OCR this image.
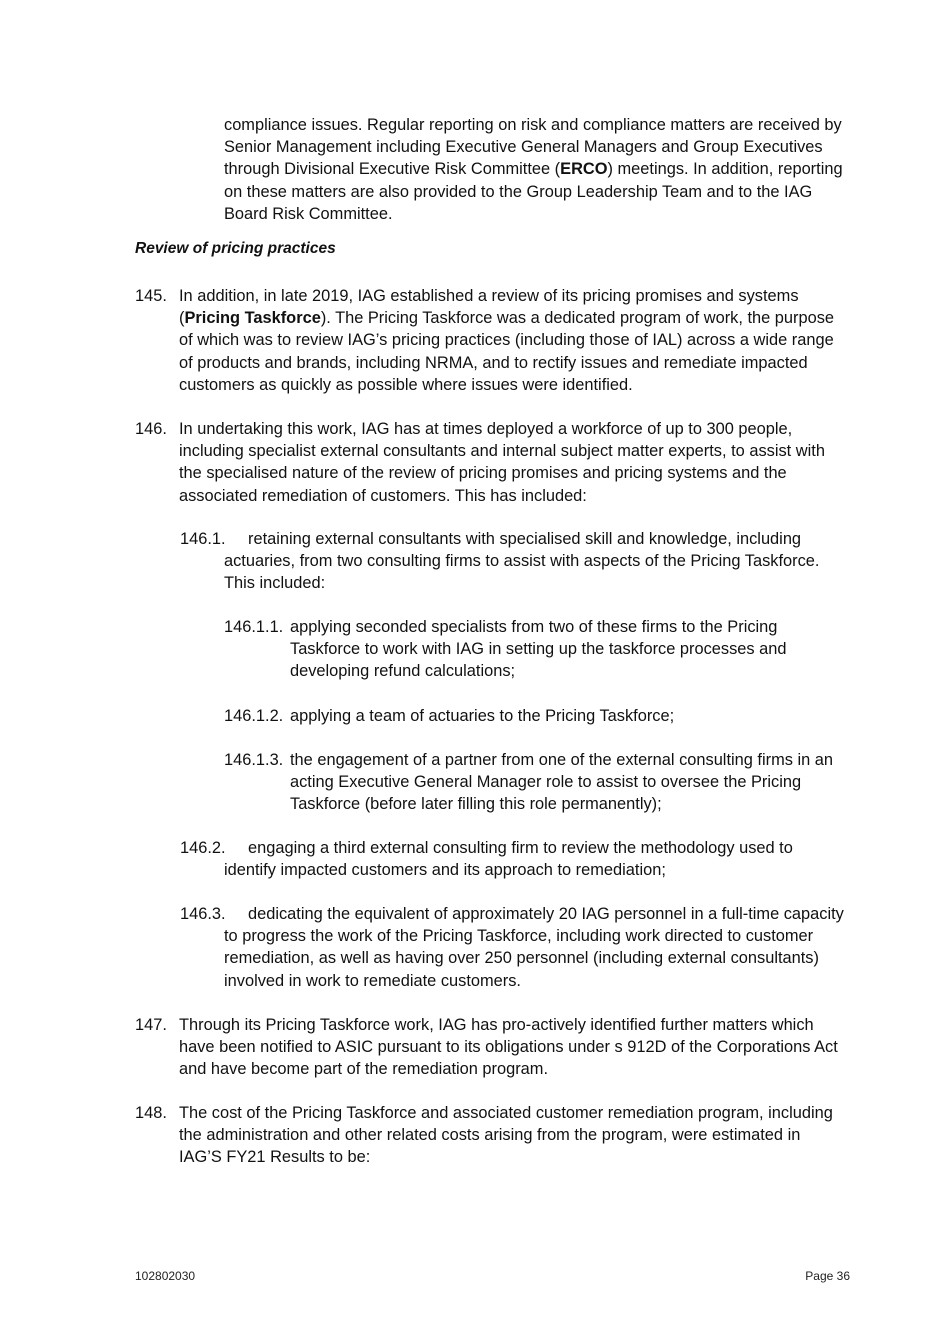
compliance issues. Regular reporting on risk and compliance matters are received by Senior Management including Executive General Managers and Group Executives through Divisional Executive Risk Committee (ERCO) meetings. In addition, reporting on these matters are also provided to the Group Leadership Team and to the IAG Board Risk Committee.

Review of pricing practices
145. In addition, in late 2019, IAG established a review of its pricing promises and systems (Pricing Taskforce). The Pricing Taskforce was a dedicated program of work, the purpose of which was to review IAG’s pricing practices (including those of IAL) across a wide range of products and brands, including NRMA, and to rectify issues and remediate impacted customers as quickly as possible where issues were identified.

146. In undertaking this work, IAG has at times deployed a workforce of up to 300 people, including specialist external consultants and internal subject matter experts, to assist with the specialised nature of the review of pricing promises and pricing systems and the associated remediation of customers. This has included:

146.1. retaining external consultants with specialised skill and knowledge, including actuaries, from two consulting firms to assist with aspects of the Pricing Taskforce. This included:

146.1.1. applying seconded specialists from two of these firms to the Pricing Taskforce to work with IAG in setting up the taskforce processes and developing refund calculations;

146.1.2. applying a team of actuaries to the Pricing Taskforce;

146.1.3. the engagement of a partner from one of the external consulting firms in an acting Executive General Manager role to assist to oversee the Pricing Taskforce (before later filling this role permanently);

146.2. engaging a third external consulting firm to review the methodology used to identify impacted customers and its approach to remediation;

146.3. dedicating the equivalent of approximately 20 IAG personnel in a full-time capacity to progress the work of the Pricing Taskforce, including work directed to customer remediation, as well as having over 250 personnel (including external consultants) involved in work to remediate customers.

147. Through its Pricing Taskforce work, IAG has pro-actively identified further matters which have been notified to ASIC pursuant to its obligations under s 912D of the Corporations Act and have become part of the remediation program.

148. The cost of the Pricing Taskforce and associated customer remediation program, including the administration and other related costs arising from the program, were estimated in IAG’S FY21 Results to be:

102802030	Page 36
